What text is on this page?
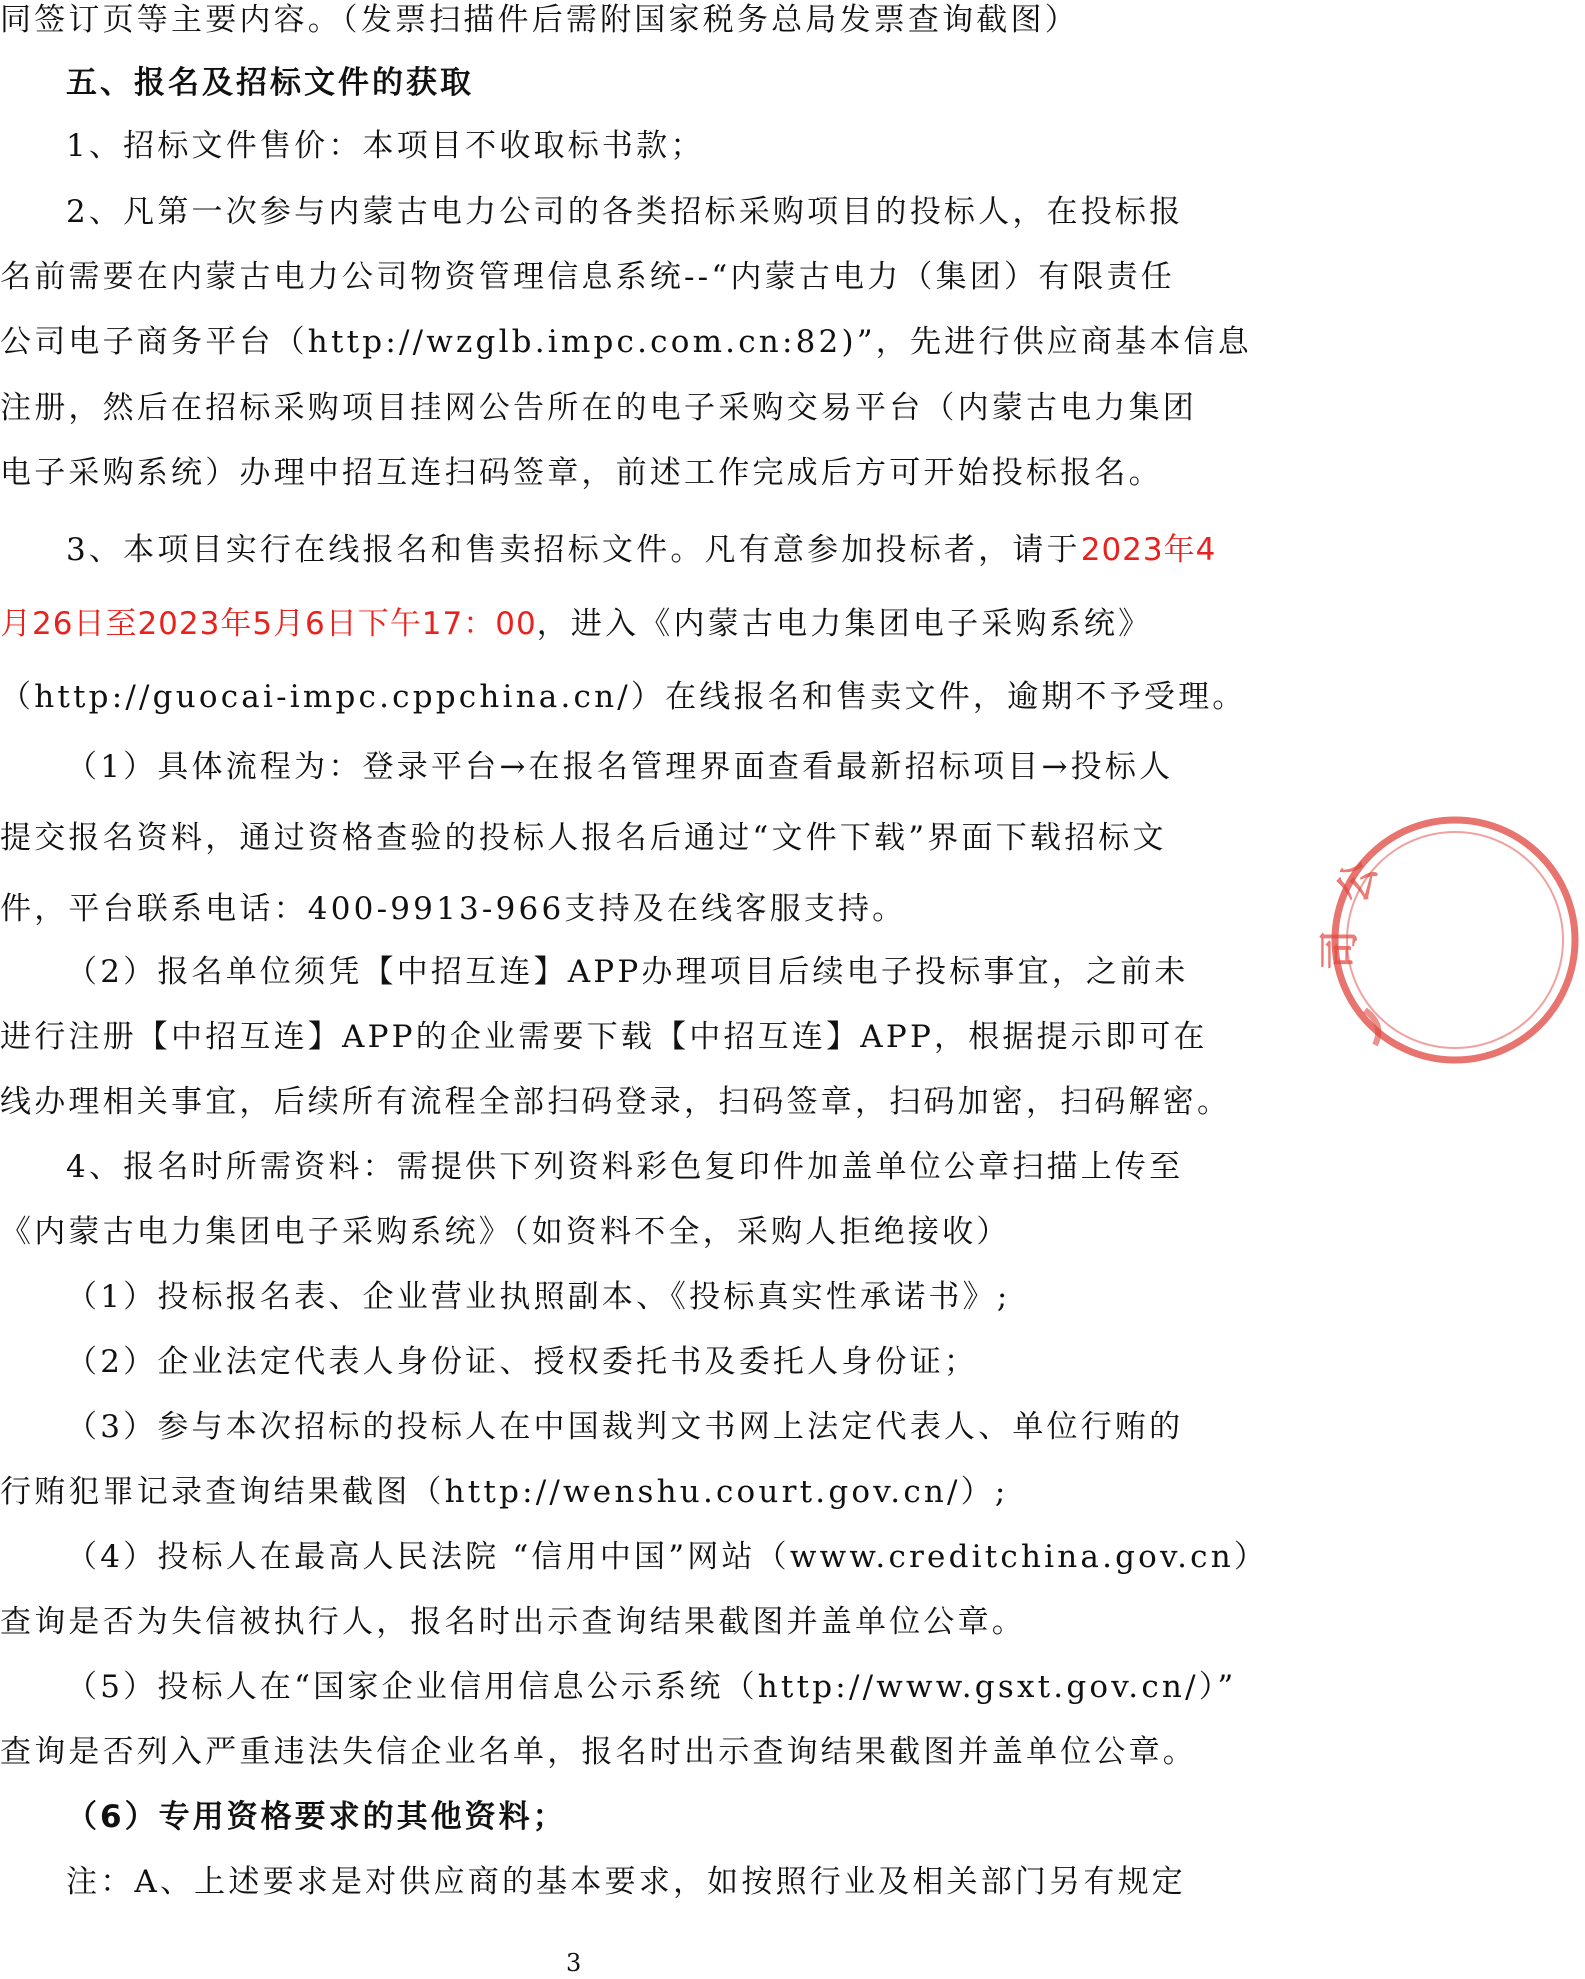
同签订页等主要内容。（发票扫描件后需附国家税务总局发票查询截图）
五、报名及招标文件的获取
1、招标文件售价：本项目不收取标书款；
2、凡第一次参与内蒙古电力公司的各类招标采购项目的投标人，在投标报
名前需要在内蒙古电力公司物资管理信息系统--“内蒙古电力（集团）有限责任
公司电子商务平台（http://wzglb.impc.com.cn:82)”，先进行供应商基本信息
注册，然后在招标采购项目挂网公告所在的电子采购交易平台（内蒙古电力集团
电子采购系统）办理中招互连扫码签章，前述工作完成后方可开始投标报名。
3、本项目实行在线报名和售卖招标文件。凡有意参加投标者，请于2023年4
月26日至2023年5月6日下午17：00，进入《内蒙古电力集团电子采购系统》
（http://guocai-impc.cppchina.cn/）在线报名和售卖文件，逾期不予受理。
（1）具体流程为：登录平台→在报名管理界面查看最新招标项目→投标人
提交报名资料，通过资格查验的投标人报名后通过“文件下载”界面下载招标文
件，平台联系电话：400-9913-966支持及在线客服支持。
（2）报名单位须凭【中招互连】APP办理项目后续电子投标事宜，之前未
进行注册【中招互连】APP的企业需要下载【中招互连】APP，根据提示即可在
线办理相关事宜，后续所有流程全部扫码登录，扫码签章，扫码加密，扫码解密。
4、报名时所需资料：需提供下列资料彩色复印件加盖单位公章扫描上传至
《内蒙古电力集团电子采购系统》（如资料不全，采购人拒绝接收）
（1）投标报名表、企业营业执照副本、《投标真实性承诺书》;
（2）企业法定代表人身份证、授权委托书及委托人身份证；
（3）参与本次招标的投标人在中国裁判文书网上法定代表人、单位行贿的
行贿犯罪记录查询结果截图（http://wenshu.court.gov.cn/）;
（4）投标人在最高人民法院 “信用中国”网站（www.creditchina.gov.cn）
查询是否为失信被执行人，报名时出示查询结果截图并盖单位公章。
（5）投标人在“国家企业信用信息公示系统（http://www.gsxt.gov.cn/）”
查询是否列入严重违法失信企业名单，报名时出示查询结果截图并盖单位公章。
（6）专用资格要求的其他资料；
注：A、上述要求是对供应商的基本要求，如按照行业及相关部门另有规定
3
公
司
